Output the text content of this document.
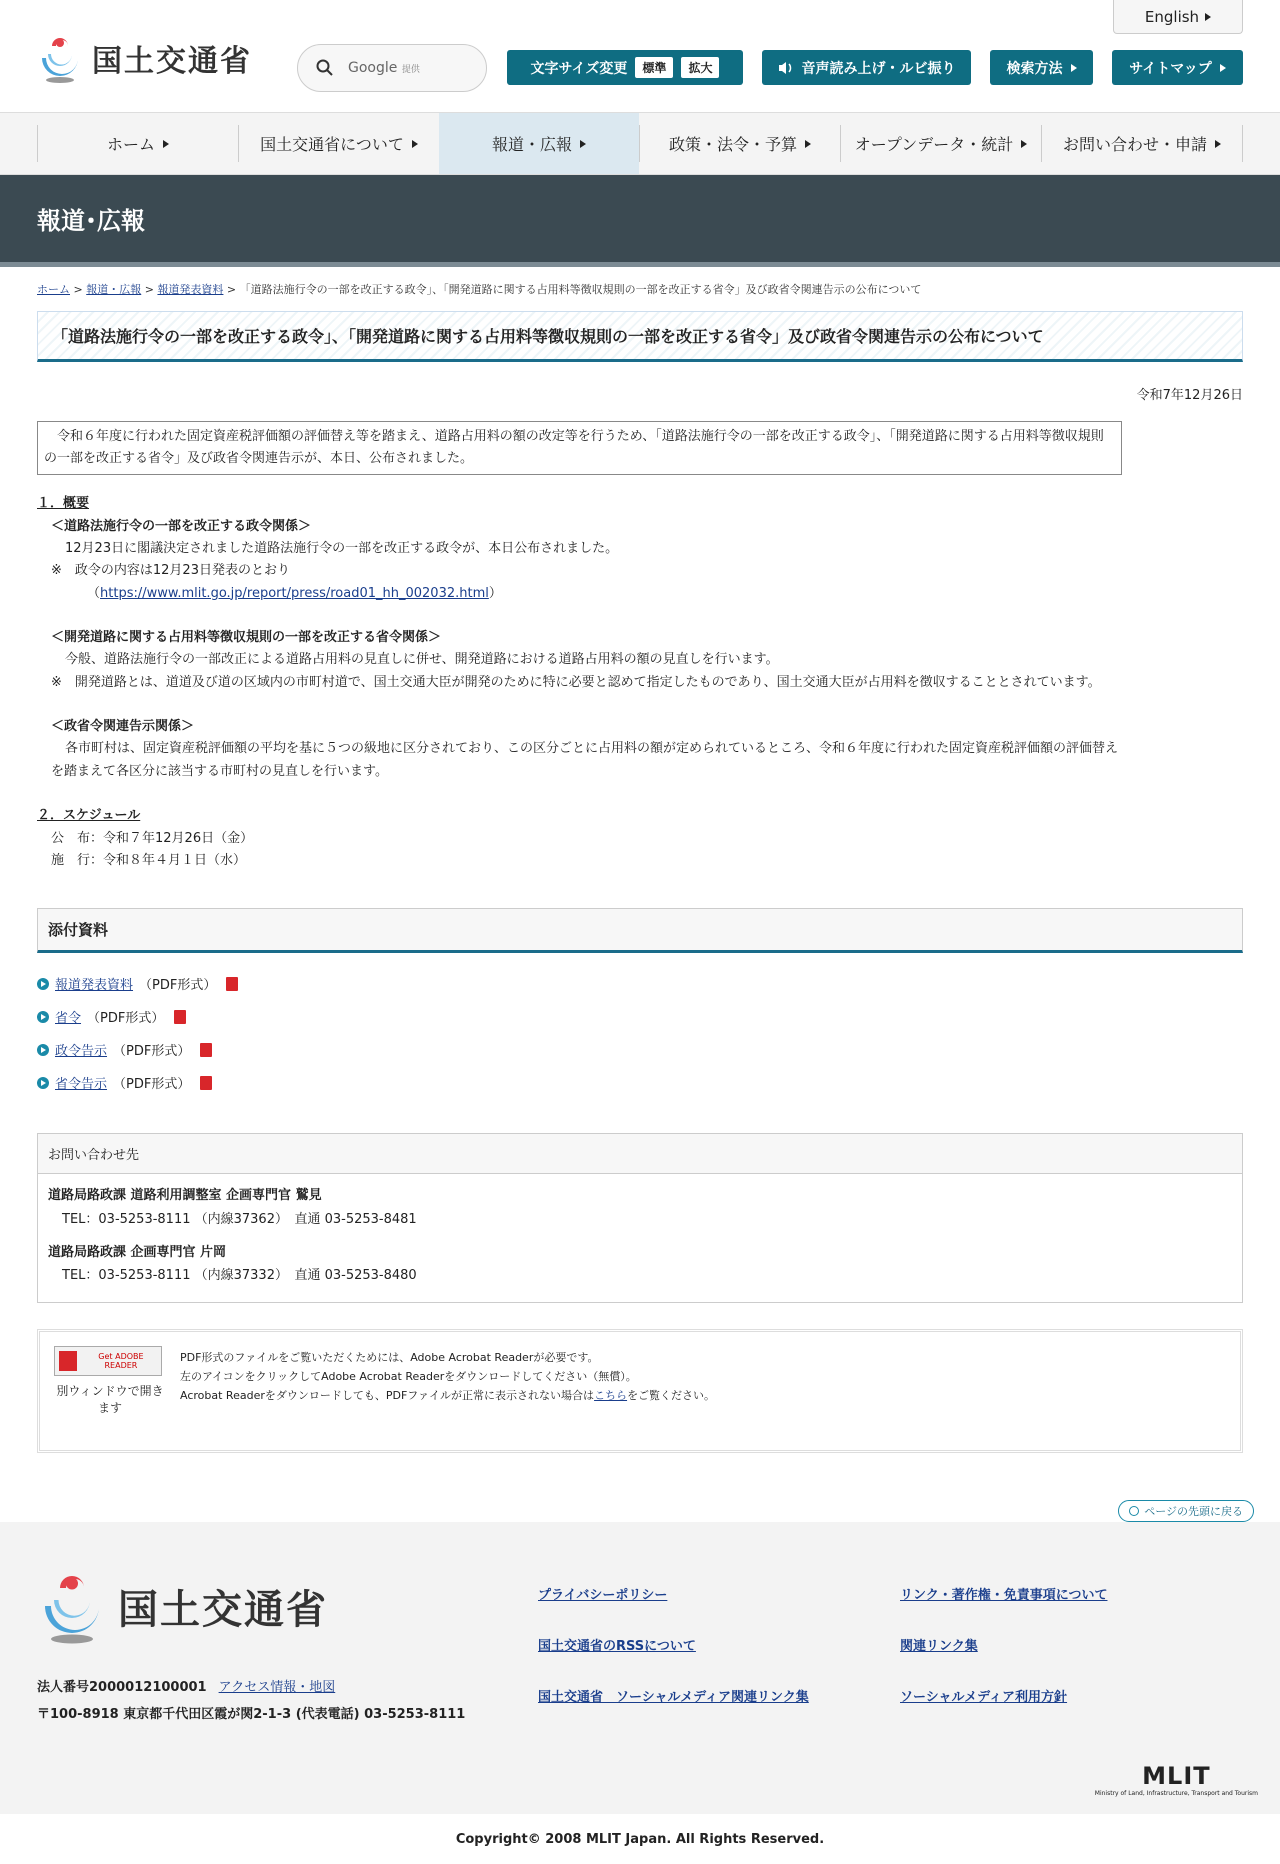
国土交通省
English
Google 提供	文字サイズ変更	標準	拡大	音声読み上げ・ルビ振り	検索方法	サイトマップ
ホーム	国土交通省について	報道・広報	政策・法令・予算	オープンデータ・統計	お問い合わせ・申請
報道･広報
ホーム > 報道・広報 > 報道発表資料 > 「道路法施行令の一部を改正する政令」、「開発道路に関する占用料等徴収規則の一部を改正する省令」及び政省令関連告示の公布について
「道路法施行令の一部を改正する政令」、「開発道路に関する占用料等徴収規則の一部を改正する省令」及び政省令関連告示の公布について
令和7年12月26日
令和６年度に行われた固定資産税評価額の評価替え等を踏まえ、道路占用料の額の改定等を行うため、「道路法施行令の一部を改正する政令」、「開発道路に関する占用料等徴収規則の一部を改正する省令」及び政省令関連告示が、本日、公布されました。
１．概要
＜道路法施行令の一部を改正する政令関係＞
12月23日に閣議決定されました道路法施行令の一部を改正する政令が、本日公布されました。
※　政令の内容は12月23日発表のとおり
（https://www.mlit.go.jp/report/press/road01_hh_002032.html）
＜開発道路に関する占用料等徴収規則の一部を改正する省令関係＞
今般、道路法施行令の一部改正による道路占用料の見直しに併せ、開発道路における道路占用料の額の見直しを行います。
※　開発道路とは、道道及び道の区域内の市町村道で、国土交通大臣が開発のために特に必要と認めて指定したものであり、国土交通大臣が占用料を徴収することとされています。
＜政省令関連告示関係＞
各市町村は、固定資産税評価額の平均を基に５つの級地に区分されており、この区分ごとに占用料の額が定められているところ、令和６年度に行われた固定資産税評価額の評価替えを踏まえて各区分に該当する市町村の見直しを行います。
２．スケジュール
公　布：令和７年12月26日（金）
施　行：令和８年４月１日（水）
添付資料
報道発表資料 （PDF形式）
省令 （PDF形式）
政令告示 （PDF形式）
省令告示 （PDF形式）
お問い合わせ先
道路局路政課 道路利用調整室 企画専門官 鷲見
TEL：03-5253-8111 （内線37362）　直通 03-5253-8481
道路局路政課 企画専門官 片岡
TEL：03-5253-8111 （内線37332）　直通 03-5253-8480
Get ADOBE READER
別ウィンドウで開きます
PDF形式のファイルをご覧いただくためには、Adobe Acrobat Readerが必要です。
左のアイコンをクリックしてAdobe Acrobat Readerをダウンロードしてください（無償）。
Acrobat Readerをダウンロードしても、PDFファイルが正常に表示されない場合はこちらをご覧ください。
ページの先頭に戻る
国土交通省
法人番号2000012100001 アクセス情報・地図
〒100-8918 東京都千代田区霞が関2-1-3 (代表電話) 03-5253-8111
プライバシーポリシー	リンク・著作権・免責事項について
国土交通省のRSSについて	関連リンク集
国土交通省　ソーシャルメディア関連リンク集	ソーシャルメディア利用方針
MLIT
Ministry of Land, Infrastructure, Transport and Tourism
Copyright© 2008 MLIT Japan. All Rights Reserved.
